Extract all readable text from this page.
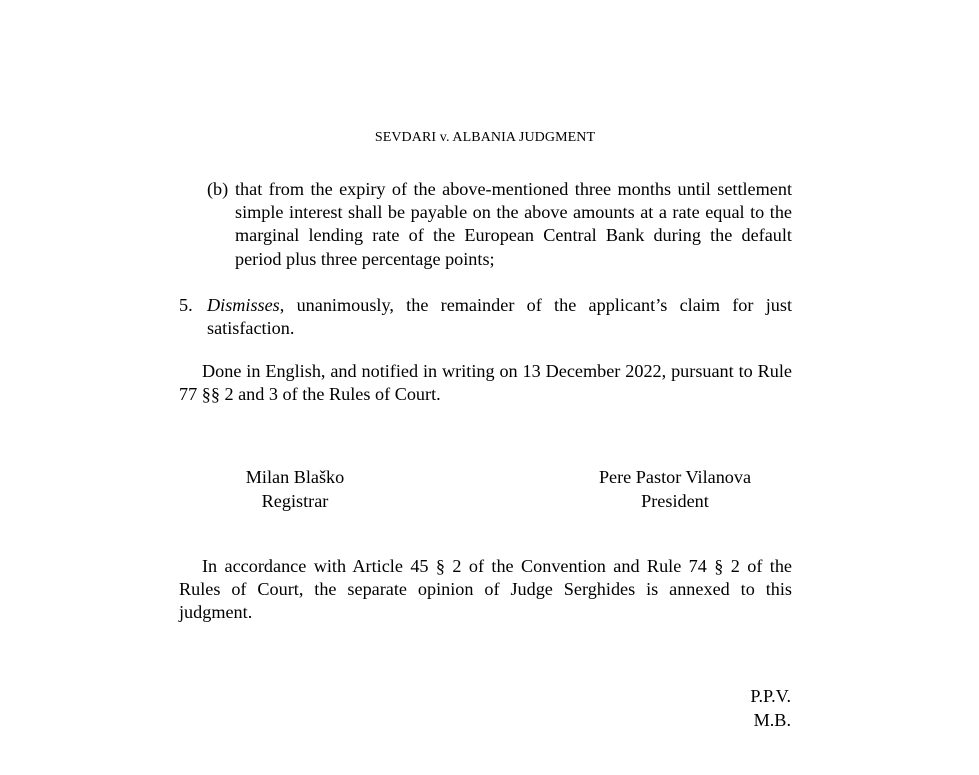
SEVDARI v. ALBANIA JUDGMENT

(b) that from the expiry of the above-mentioned three months until settlement simple interest shall be payable on the above amounts at a rate equal to the marginal lending rate of the European Central Bank during the default period plus three percentage points;

5. Dismisses, unanimously, the remainder of the applicant’s claim for just satisfaction.

Done in English, and notified in writing on 13 December 2022, pursuant to Rule 77 §§ 2 and 3 of the Rules of Court.

Milan Blaško
Registrar
Pere Pastor Vilanova
President

In accordance with Article 45 § 2 of the Convention and Rule 74 § 2 of the Rules of Court, the separate opinion of Judge Serghides is annexed to this judgment.

P.P.V.
M.B.
